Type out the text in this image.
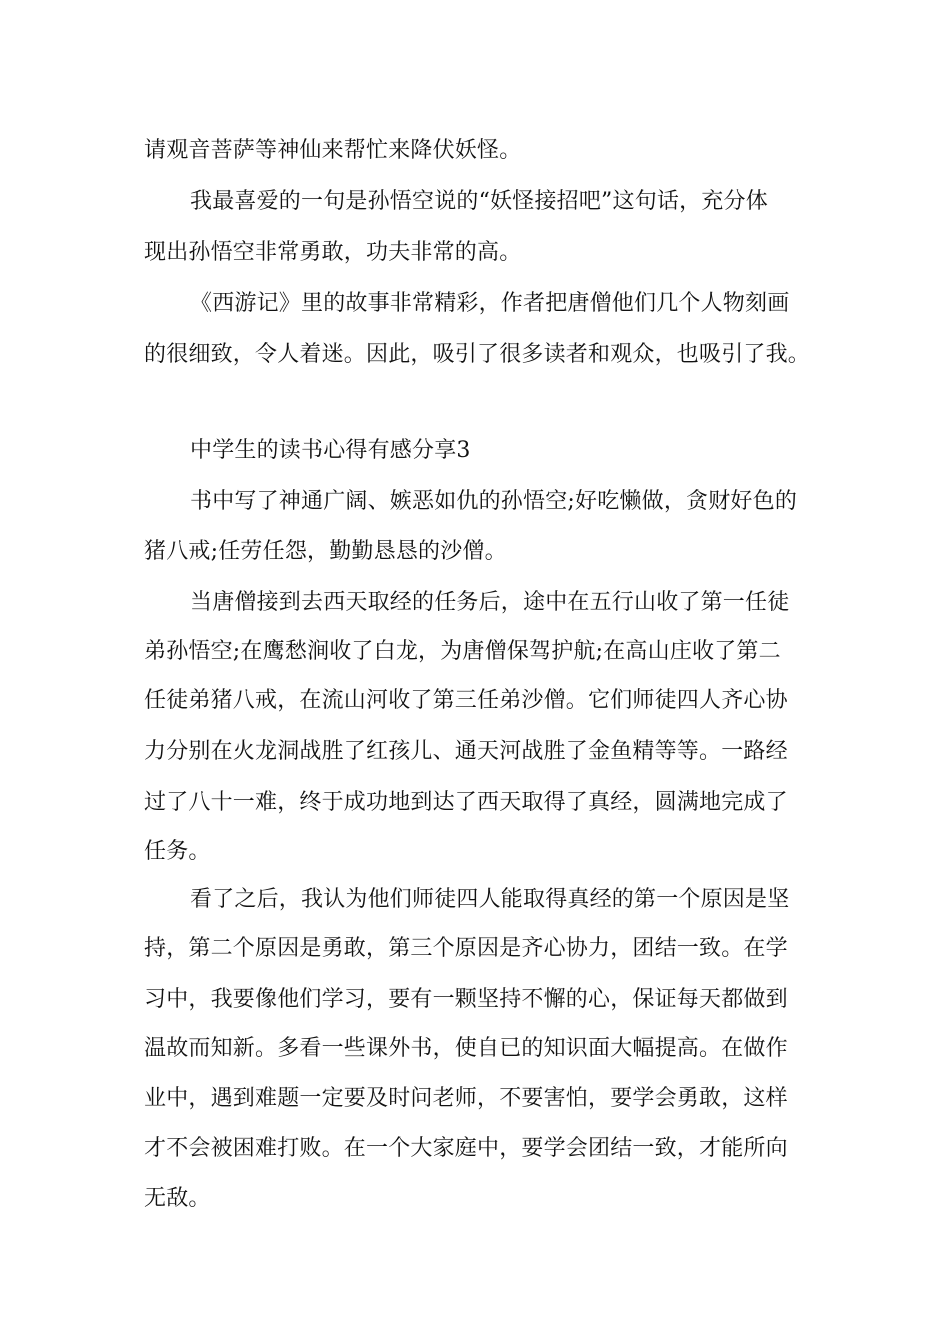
请观音菩萨等神仙来帮忙来降伏妖怪。
我最喜爱的一句是孙悟空说的“妖怪接招吧”这句话，充分体
现出孙悟空非常勇敢，功夫非常的高。
《西游记》里的故事非常精彩，作者把唐僧他们几个人物刻画
的很细致，令人着迷。因此，吸引了很多读者和观众，也吸引了我。
中学生的读书心得有感分享3
书中写了神通广阔、嫉恶如仇的孙悟空;好吃懒做，贪财好色的
猪八戒;任劳任怨，勤勤恳恳的沙僧。
当唐僧接到去西天取经的任务后，途中在五行山收了第一任徒
弟孙悟空;在鹰愁涧收了白龙，为唐僧保驾护航;在高山庄收了第二
任徒弟猪八戒，在流山河收了第三任弟沙僧。它们师徒四人齐心协
力分别在火龙洞战胜了红孩儿、通天河战胜了金鱼精等等。一路经
过了八十一难，终于成功地到达了西天取得了真经，圆满地完成了
任务。
看了之后，我认为他们师徒四人能取得真经的第一个原因是坚
持，第二个原因是勇敢，第三个原因是齐心协力，团结一致。在学
习中，我要像他们学习，要有一颗坚持不懈的心，保证每天都做到
温故而知新。多看一些课外书，使自已的知识面大幅提高。在做作
业中，遇到难题一定要及时问老师，不要害怕，要学会勇敢，这样
才不会被困难打败。在一个大家庭中，要学会团结一致，才能所向
无敌。
